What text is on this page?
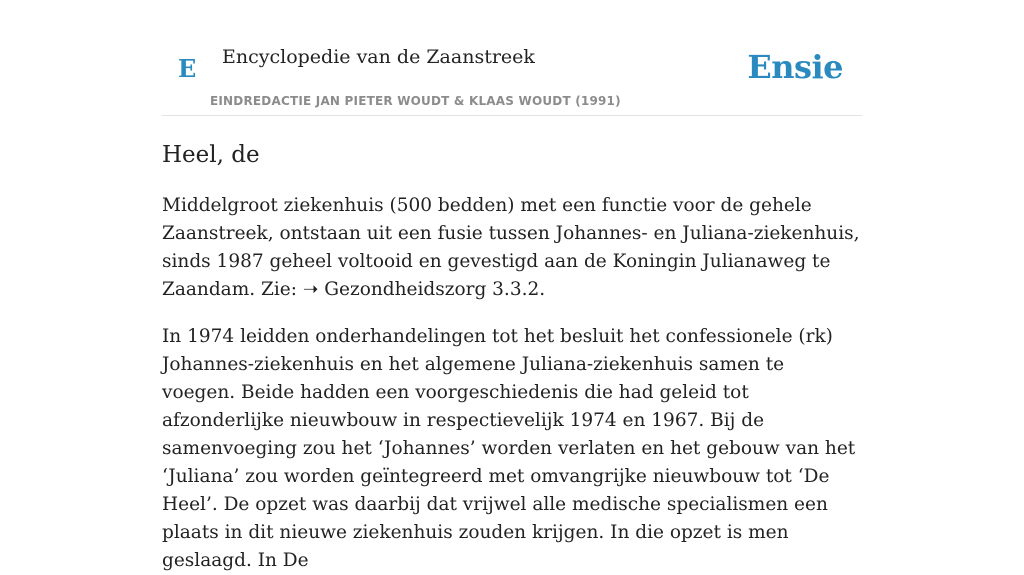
E Encyclopedie van de Zaanstreek
EINDREDACTIE JAN PIETER WOUDT & KLAAS WOUDT (1991)
Ensie
Heel, de

Middelgroot ziekenhuis (500 bedden) met een functie voor de gehele Zaanstreek, ontstaan uit een fusie tussen Johannes- en Juliana-ziekenhuis, sinds 1987 geheel voltooid en gevestigd aan de Koningin Julianaweg te Zaandam. Zie: ➝ Gezondheidszorg 3.3.2.

In 1974 leidden onderhandelingen tot het besluit het confessionele (rk) Johannes-ziekenhuis en het algemene Juliana-ziekenhuis samen te voegen. Beide hadden een voorgeschiedenis die had geleid tot afzonderlijke nieuwbouw in respectievelijk 1974 en 1967. Bij de samenvoeging zou het ‘Johannes’ worden verlaten en het gebouw van het ‘Juliana’ zou worden geïntegreerd met omvangrijke nieuwbouw tot ‘De Heel’. De opzet was daarbij dat vrijwel alle medische specialismen een plaats in dit nieuwe ziekenhuis zouden krijgen. In die opzet is men geslaagd. In De
